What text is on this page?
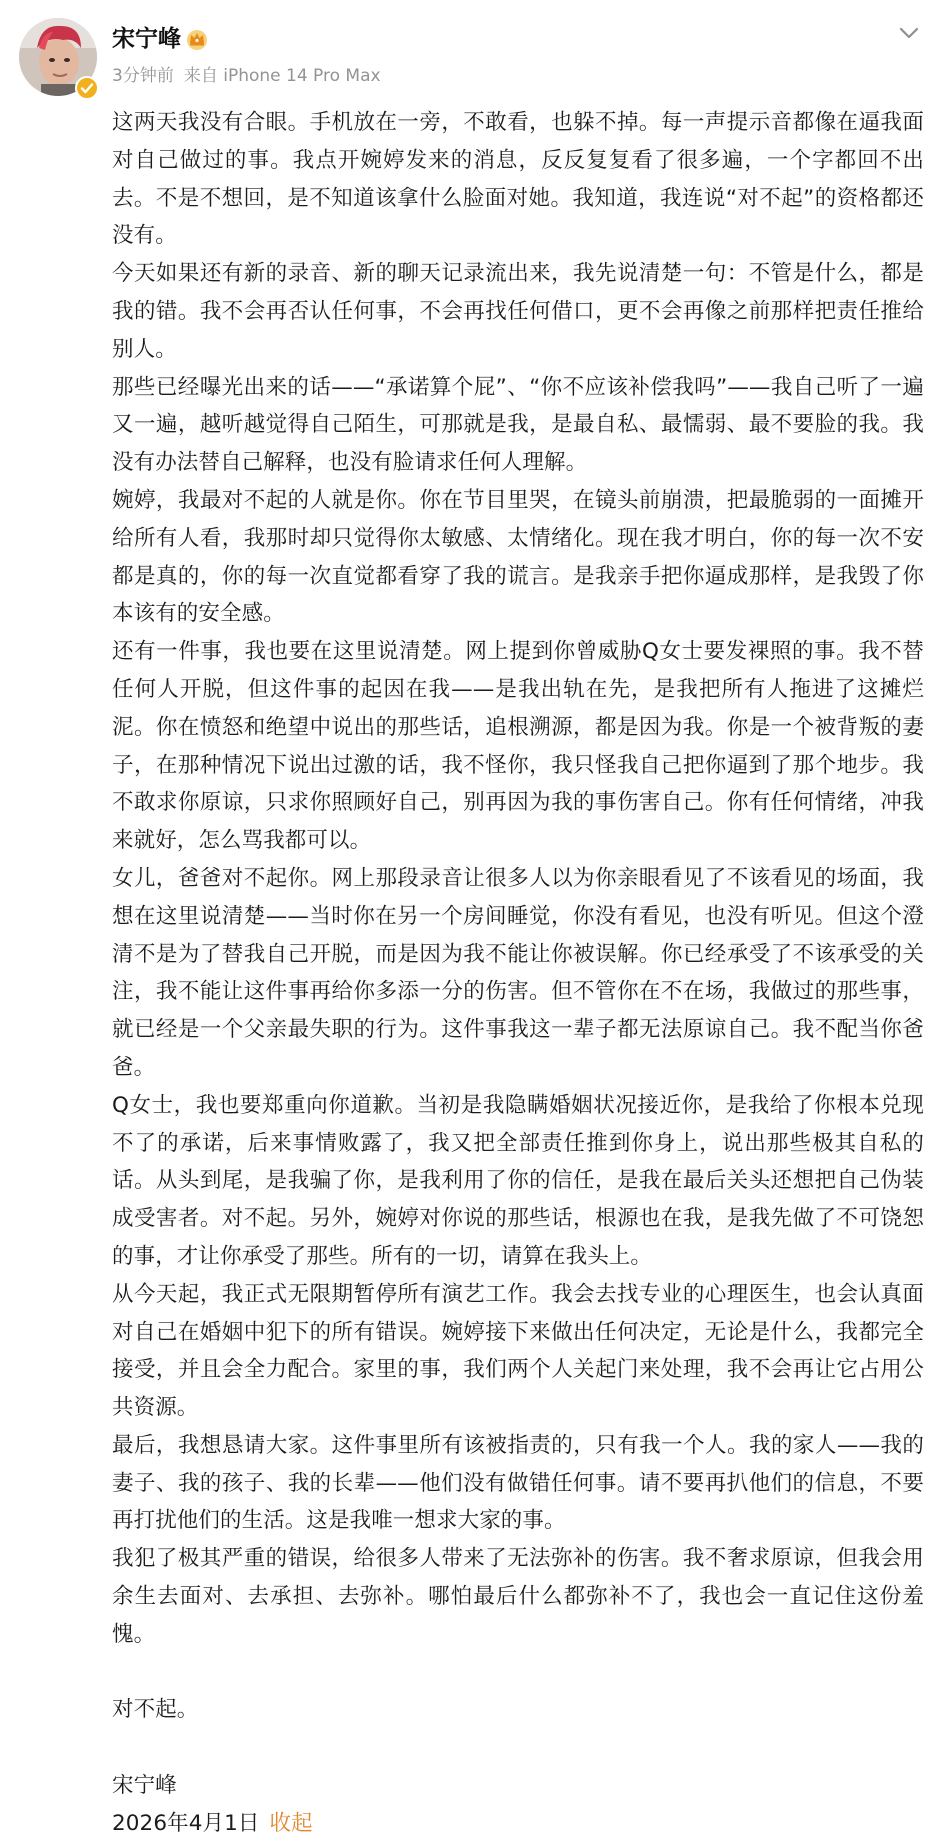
宋宁峰
3分钟前 来自 iPhone 14 Pro Max

这两天我没有合眼。手机放在一旁，不敢看，也躲不掉。每一声提示音都像在逼我面对自己做过的事。我点开婉婷发来的消息，反反复复看了很多遍，一个字都回不出去。不是不想回，是不知道该拿什么脸面对她。我知道，我连说“对不起”的资格都还没有。

今天如果还有新的录音、新的聊天记录流出来，我先说清楚一句：不管是什么，都是我的错。我不会再否认任何事，不会再找任何借口，更不会再像之前那样把责任推给别人。

那些已经曝光出来的话——“承诺算个屁”、“你不应该补偿我吗”——我自己听了一遍又一遍，越听越觉得自己陌生，可那就是我，是最自私、最懦弱、最不要脸的我。我没有办法替自己解释，也没有脸请求任何人理解。

婉婷，我最对不起的人就是你。你在节目里哭，在镜头前崩溃，把最脆弱的一面摊开给所有人看，我那时却只觉得你太敏感、太情绪化。现在我才明白，你的每一次不安都是真的，你的每一次直觉都看穿了我的谎言。是我亲手把你逼成那样，是我毁了你本该有的安全感。

还有一件事，我也要在这里说清楚。网上提到你曾威胁Q女士要发裸照的事。我不替任何人开脱，但这件事的起因在我——是我出轨在先，是我把所有人拖进了这摊烂泥。你在愤怒和绝望中说出的那些话，追根溯源，都是因为我。你是一个被背叛的妻子，在那种情况下说出过激的话，我不怪你，我只怪我自己把你逼到了那个地步。我不敢求你原谅，只求你照顾好自己，别再因为我的事伤害自己。你有任何情绪，冲我来就好，怎么骂我都可以。

女儿，爸爸对不起你。网上那段录音让很多人以为你亲眼看见了不该看见的场面，我想在这里说清楚——当时你在另一个房间睡觉，你没有看见，也没有听见。但这个澄清不是为了替我自己开脱，而是因为我不能让你被误解。你已经承受了不该承受的关注，我不能让这件事再给你多添一分的伤害。但不管你在不在场，我做过的那些事，就已经是一个父亲最失职的行为。这件事我这一辈子都无法原谅自己。我不配当你爸爸。

Q女士，我也要郑重向你道歉。当初是我隐瞒婚姻状况接近你，是我给了你根本兑现不了的承诺，后来事情败露了，我又把全部责任推到你身上，说出那些极其自私的话。从头到尾，是我骗了你，是我利用了你的信任，是我在最后关头还想把自己伪装成受害者。对不起。另外，婉婷对你说的那些话，根源也在我，是我先做了不可饶恕的事，才让你承受了那些。所有的一切，请算在我头上。

从今天起，我正式无限期暂停所有演艺工作。我会去找专业的心理医生，也会认真面对自己在婚姻中犯下的所有错误。婉婷接下来做出任何决定，无论是什么，我都完全接受，并且会全力配合。家里的事，我们两个人关起门来处理，我不会再让它占用公共资源。

最后，我想恳请大家。这件事里所有该被指责的，只有我一个人。我的家人——我的妻子、我的孩子、我的长辈——他们没有做错任何事。请不要再扒他们的信息，不要再打扰他们的生活。这是我唯一想求大家的事。

我犯了极其严重的错误，给很多人带来了无法弥补的伤害。我不奢求原谅，但我会用余生去面对、去承担、去弥补。哪怕最后什么都弥补不了，我也会一直记住这份羞愧。

对不起。

宋宁峰

2026年4月1日 收起
